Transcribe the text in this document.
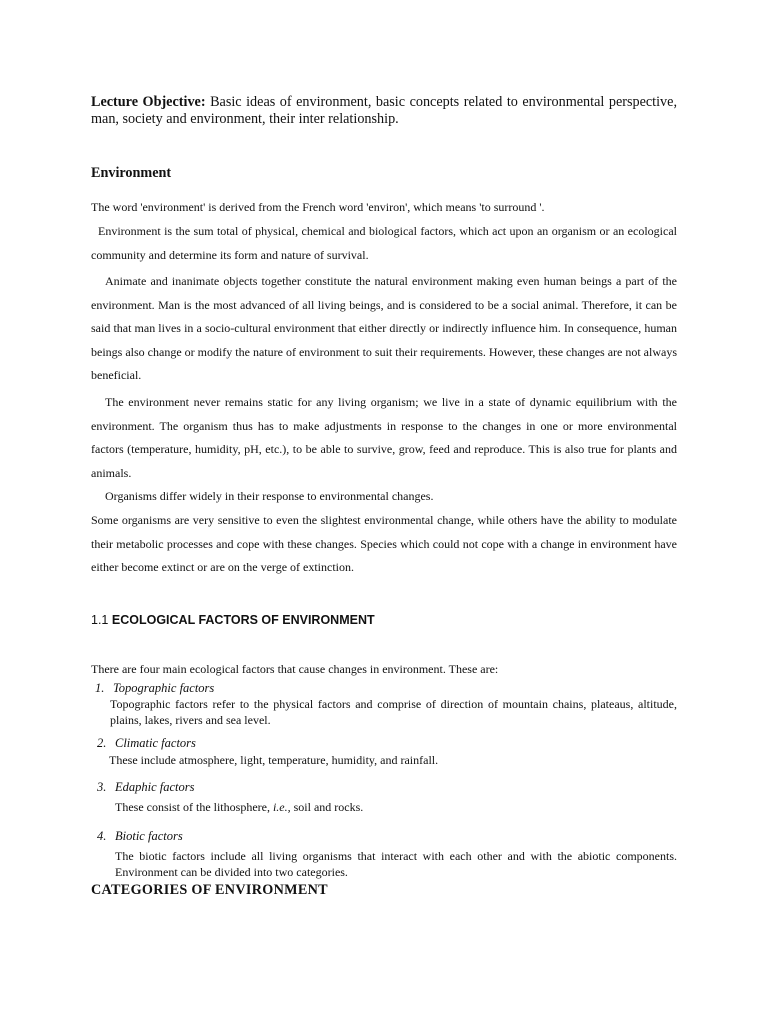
Lecture Objective: Basic ideas of environment, basic concepts related to environmental perspective, man, society and environment, their inter relationship.
Environment
The word 'environment' is derived from the French word 'environ', which means 'to surround '.
Environment is the sum total of physical, chemical and biological factors, which act upon an organism or an ecological community and determine its form and nature of survival.
Animate and inanimate objects together constitute the natural environment making even human beings a part of the environment. Man is the most advanced of all living beings, and is considered to be a social animal. Therefore, it can be said that man lives in a socio-cultural environment that either directly or indirectly influence him. In consequence, human beings also change or modify the nature of environment to suit their requirements. However, these changes are not always beneficial.
The environment never remains static for any living organism; we live in a state of dynamic equilibrium with the environment. The organism thus has to make adjustments in response to the changes in one or more environmental factors (temperature, humidity, pH, etc.), to be able to survive, grow, feed and reproduce. This is also true for plants and animals.
Organisms differ widely in their response to environmental changes.
Some organisms are very sensitive to even the slightest environmental change, while others have the ability to modulate their metabolic processes and cope with these changes. Species which could not cope with a change in environment have either become extinct or are on the verge of extinction.
1.1 ECOLOGICAL FACTORS OF ENVIRONMENT
There are four main ecological factors that cause changes in environment. These are:
1. Topographic factors
Topographic factors refer to the physical factors and comprise of direction of mountain chains, plateaus, altitude, plains, lakes, rivers and sea level.
2. Climatic factors
These include atmosphere, light, temperature, humidity, and rainfall.
3. Edaphic factors
These consist of the lithosphere, i.e., soil and rocks.
4. Biotic factors
The biotic factors include all living organisms that interact with each other and with the abiotic components. Environment can be divided into two categories.
CATEGORIES OF ENVIRONMENT
